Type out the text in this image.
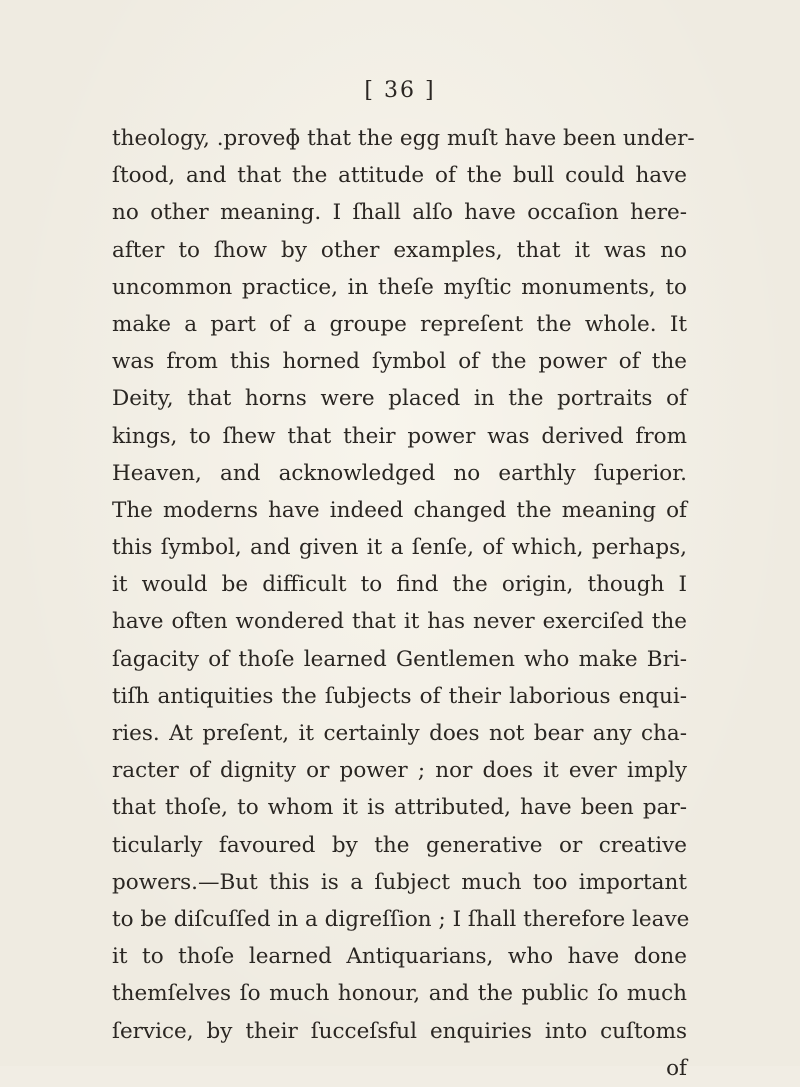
[ 36 ]
theology, .proveɸ that the egg muſt have been under-
ſtood, and that the attitude of the bull could have
no other meaning. I ſhall alſo have occaſion here-
after to ſhow by other examples, that it was no
uncommon practice, in theſe myſtic monuments, to
make a part of a groupe repreſent the whole. It
was from this horned ſymbol of the power of the
Deity, that horns were placed in the portraits of
kings, to ſhew that their power was derived from
Heaven, and acknowledged no earthly ſuperior.
The moderns have indeed changed the meaning of
this ſymbol, and given it a ſenſe, of which, perhaps,
it would be difficult to find the origin, though I
have often wondered that it has never exerciſed the
ſagacity of thoſe learned Gentlemen who make Bri-
tiſh antiquities the ſubjects of their laborious enqui-
ries. At preſent, it certainly does not bear any cha-
racter of dignity or power ; nor does it ever imply
that thoſe, to whom it is attributed, have been par-
ticularly favoured by the generative or creative
powers.—But this is a ſubject much too important
to be diſcuſſed in a digreſſion ; I ſhall therefore leave
it to thoſe learned Antiquarians, who have done
themſelves ſo much honour, and the public ſo much
ſervice, by their ſucceſsful enquiries into cuſtoms
of
